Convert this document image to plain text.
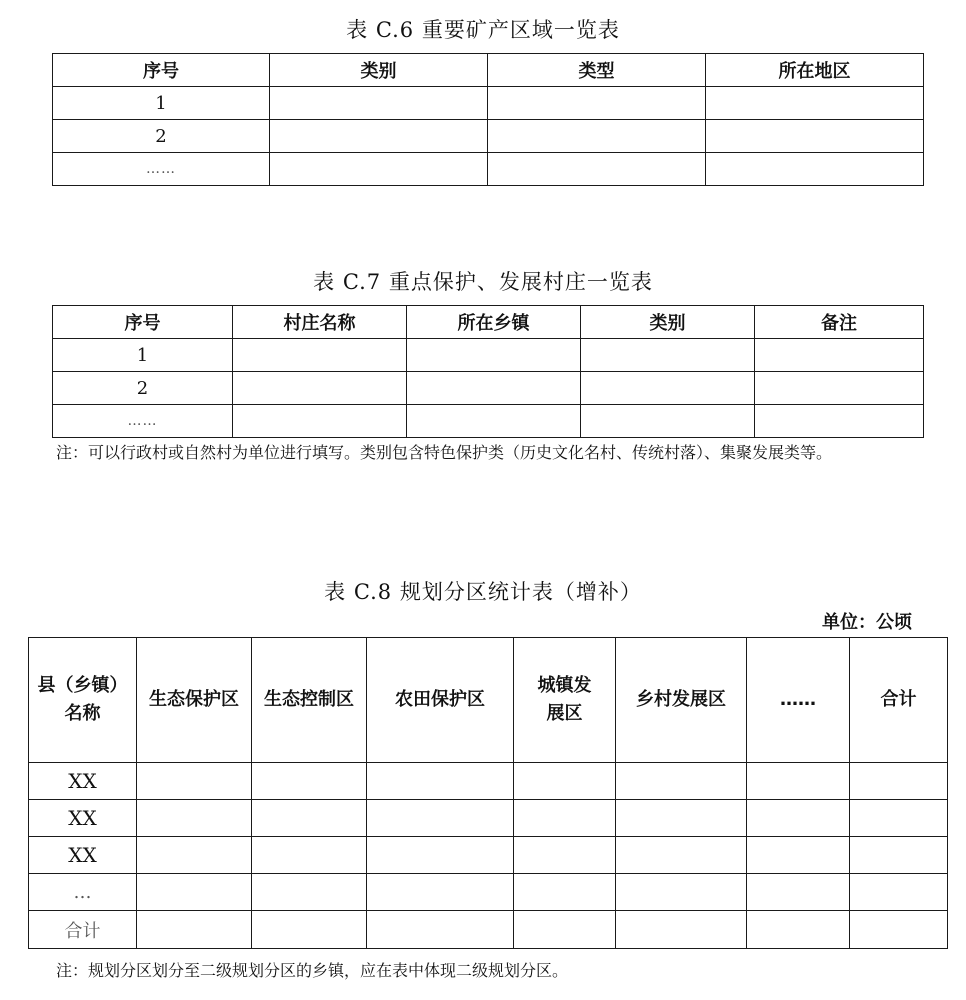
表 C.6 重要矿产区域一览表
序号	类别	类型	所在地区
1			
2			
……			
表 C.7 重点保护、发展村庄一览表
序号	村庄名称	所在乡镇	类别	备注
1				
2				
……				
注：可以行政村或自然村为单位进行填写。类别包含特色保护类（历史文化名村、传统村落）、集聚发展类等。
表 C.8 规划分区统计表（增补）
单位：公顷
县（乡镇）名称	生态保护区	生态控制区	农田保护区	城镇发展区	乡村发展区	……	合计
XX							
XX							
XX							
…							
合计							
注：规划分区划分至二级规划分区的乡镇，应在表中体现二级规划分区。
